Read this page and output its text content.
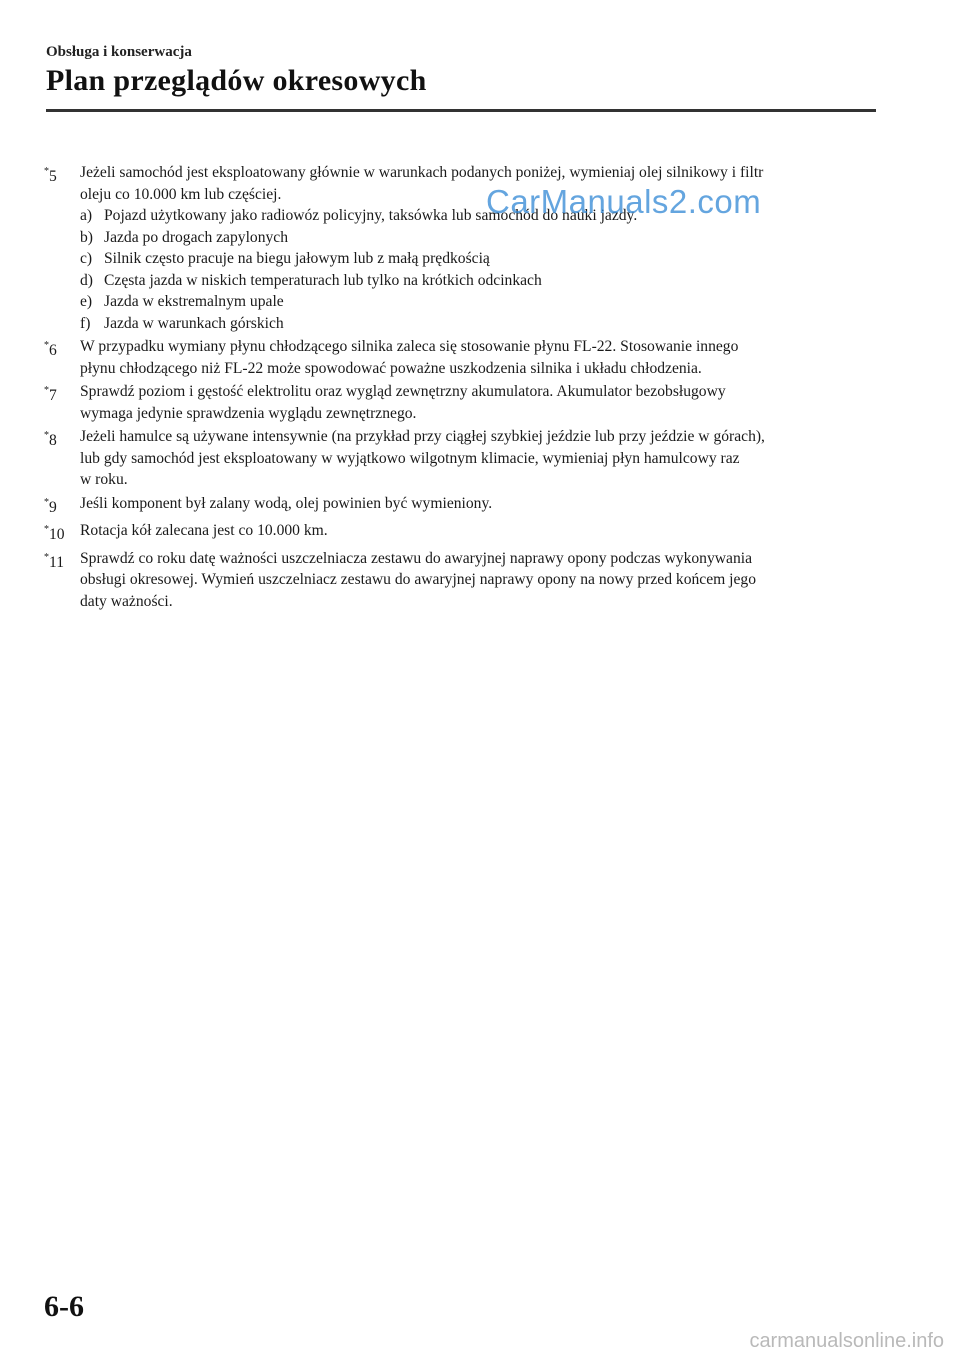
Obsługa i konserwacja
Plan przeglądów okresowych
*5	Jeżeli samochód jest eksploatowany głównie w warunkach podanych poniżej, wymieniaj olej silnikowy i filtr
oleju co 10.000 km lub częściej.
a) Pojazd użytkowany jako radiowóz policyjny, taksówka lub samochód do nauki jazdy.
b) Jazda po drogach zapylonych
c) Silnik często pracuje na biegu jałowym lub z małą prędkością
d) Częsta jazda w niskich temperaturach lub tylko na krótkich odcinkach
e) Jazda w ekstremalnym upale
f) Jazda w warunkach górskich
*6	W przypadku wymiany płynu chłodzącego silnika zaleca się stosowanie płynu FL-22. Stosowanie innego
płynu chłodzącego niż FL-22 może spowodować poważne uszkodzenia silnika i układu chłodzenia.
*7	Sprawdź poziom i gęstość elektrolitu oraz wygląd zewnętrzny akumulatora. Akumulator bezobsługowy
wymaga jedynie sprawdzenia wyglądu zewnętrznego.
*8	Jeżeli hamulce są używane intensywnie (na przykład przy ciągłej szybkiej jeździe lub przy jeździe w górach),
lub gdy samochód jest eksploatowany w wyjątkowo wilgotnym klimacie, wymieniaj płyn hamulcowy raz
w roku.
*9	Jeśli komponent był zalany wodą, olej powinien być wymieniony.
*10 Rotacja kół zalecana jest co 10.000 km.
*11	Sprawdź co roku datę ważności uszczelniacza zestawu do awaryjnej naprawy opony podczas wykonywania
obsługi okresowej. Wymień uszczelniacz zestawu do awaryjnej naprawy opony na nowy przed końcem jego
daty ważności.
CarManuals2.com
6-6
carmanualsonline.info
